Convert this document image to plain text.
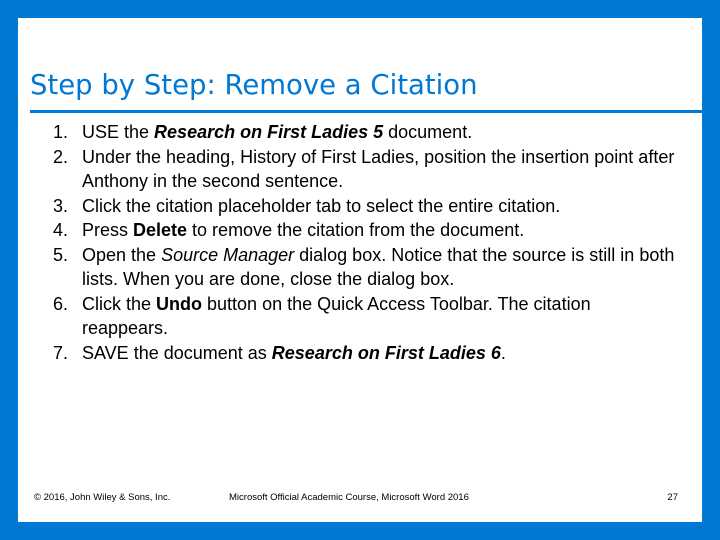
Step by Step: Remove a Citation
1. USE the Research on First Ladies 5 document.
2. Under the heading, History of First Ladies, position the insertion point after Anthony in the second sentence.
3. Click the citation placeholder tab to select the entire citation.
4. Press Delete to remove the citation from the document.
5. Open the Source Manager dialog box. Notice that the source is still in both lists. When you are done, close the dialog box.
6. Click the Undo button on the Quick Access Toolbar. The citation reappears.
7. SAVE the document as Research on First Ladies 6.
© 2016, John Wiley & Sons, Inc.	Microsoft Official Academic Course, Microsoft Word 2016	27
